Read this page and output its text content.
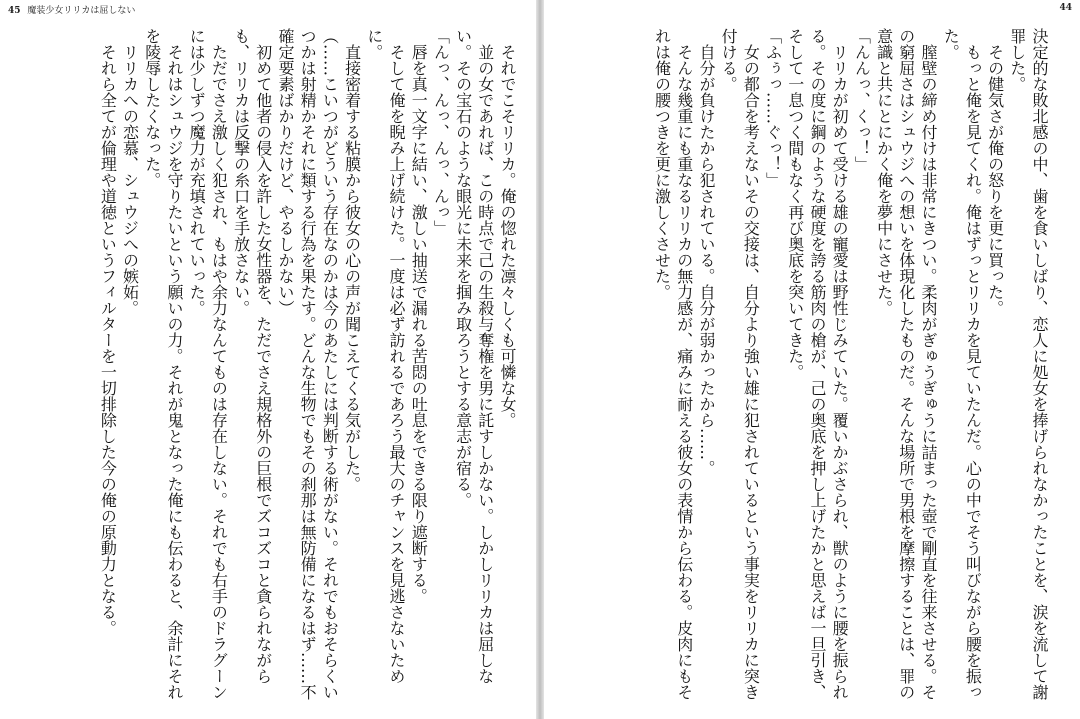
45 魔装少女リリカは屈しない

それでこそリリカ。俺の惚れた凛々しくも可憐な女。

並の女であれば、この時点で己の生殺与奪権を男に託すしかない。しかしリリカは屈しない。その宝石のような眼光に未来を掴み取ろうとする意志が宿る。

「んっ、んっ、んっ、んっ」

唇を真一文字に結い、激しい抽送で漏れる苦悶の吐息をできる限り遮断する。

そして俺を睨み上げ続けた。一度は必ず訪れるであろう最大のチャンスを見逃さないために。

直接密着する粘膜から彼女の心の声が聞こえてくる気がした。

（……こいつがどういう存在なのかは今のあたしには判断する術がない。それでもおそらくいつかは射精かそれに類する行為を果たす。どんな生物でもその刹那は無防備になるはず……不確定要素ばかりだけど、やるしかない）

初めて他者の侵入を許した女性器を、ただでさえ規格外の巨根でズコズコと貪られながらも、リリカは反撃の糸口を手放さない。

ただでさえ激しく犯され、もはや余力なんてものは存在しない。それでも右手のドラグーンには少しずつ魔力が充填されていった。

それはシュウジを守りたいという願いの力。それが鬼となった俺にも伝わると、余計にそれを陵辱したくなった。

リリカへの恋慕、シュウジへの嫉妬。

それら全てが倫理や道徳というフィルターを一切排除した今の俺の原動力となる。

44

決定的な敗北感の中、歯を食いしばり、恋人に処女を捧げられなかったことを、涙を流して謝罪した。

その健気さが俺の怒りを更に買った。

もっと俺を見てくれ。俺はずっとリリカを見ていたんだ。心の中でそう叫びながら腰を振った。

膣壁の締め付けは非常にきつい。柔肉がぎゅうぎゅうに詰まった壺で剛直を往来させる。その窮屈さはシュウジへの想いを体現化したものだ。そんな場所で男根を摩擦することは、罪の意識と共にとにかく俺を夢中にさせた。

「んんっ、くっ！」

リリカが初めて受ける雄の寵愛は野性じみていた。覆いかぶさられ、獣のように腰を振られる。その度に鋼のような硬度を誇る筋肉の槍が、己の奥底を押し上げたかと思えば一旦引き、そして一息つく間もなく再び奥底を突いてきた。

「ふぅっ……ぐっ！」

女の都合を考えないその交接は、自分より強い雄に犯されているという事実をリリカに突き付ける。

自分が負けたから犯されている。自分が弱かったから……。

そんな幾重にも重なるリリカの無力感が、痛みに耐える彼女の表情から伝わる。皮肉にもそれは俺の腰つきを更に激しくさせた。
